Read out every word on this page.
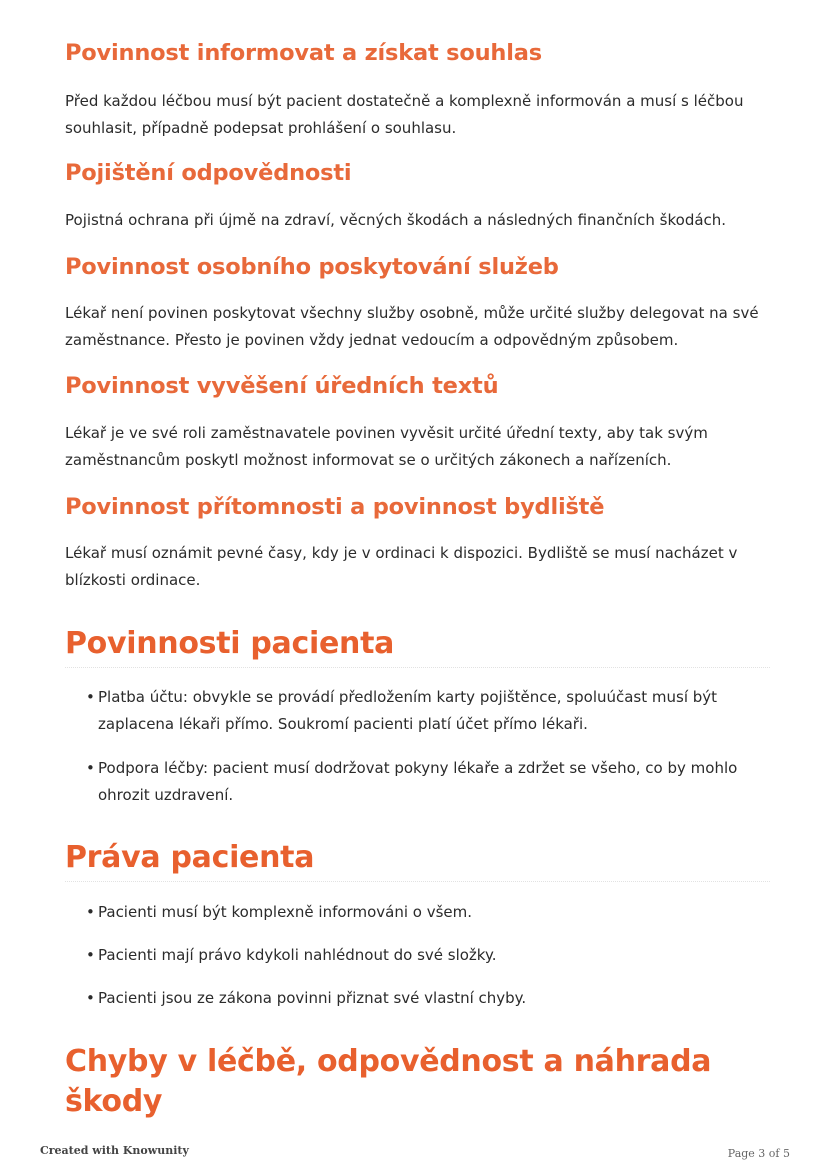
Povinnost informovat a získat souhlas

Před každou léčbou musí být pacient dostatečně a komplexně informován a musí s léčbou souhlasit, případně podepsat prohlášení o souhlasu.

Pojištění odpovědnosti

Pojistná ochrana při újmě na zdraví, věcných škodách a následných finančních škodách.

Povinnost osobního poskytování služeb

Lékař není povinen poskytovat všechny služby osobně, může určité služby delegovat na své zaměstnance. Přesto je povinen vždy jednat vedoucím a odpovědným způsobem.

Povinnost vyvěšení úředních textů

Lékař je ve své roli zaměstnavatele povinen vyvěsit určité úřední texty, aby tak svým zaměstnancům poskytl možnost informovat se o určitých zákonech a nařízeních.

Povinnost přítomnosti a povinnost bydliště

Lékař musí oznámit pevné časy, kdy je v ordinaci k dispozici. Bydliště se musí nacházet v blízkosti ordinace.

Povinnosti pacienta
• Platba účtu: obvykle se provádí předložením karty pojištěnce, spoluúčast musí být zaplacena lékaři přímo. Soukromí pacienti platí účet přímo lékaři.

• Podpora léčby: pacient musí dodržovat pokyny lékaře a zdržet se všeho, co by mohlo ohrozit uzdravení.

Práva pacienta
• Pacienti musí být komplexně informováni o všem.

• Pacienti mají právo kdykoli nahlédnout do své složky.

• Pacienti jsou ze zákona povinni přiznat své vlastní chyby.

Chyby v léčbě, odpovědnost a náhrada škody
Created with Knowunity	Page 3 of 5
